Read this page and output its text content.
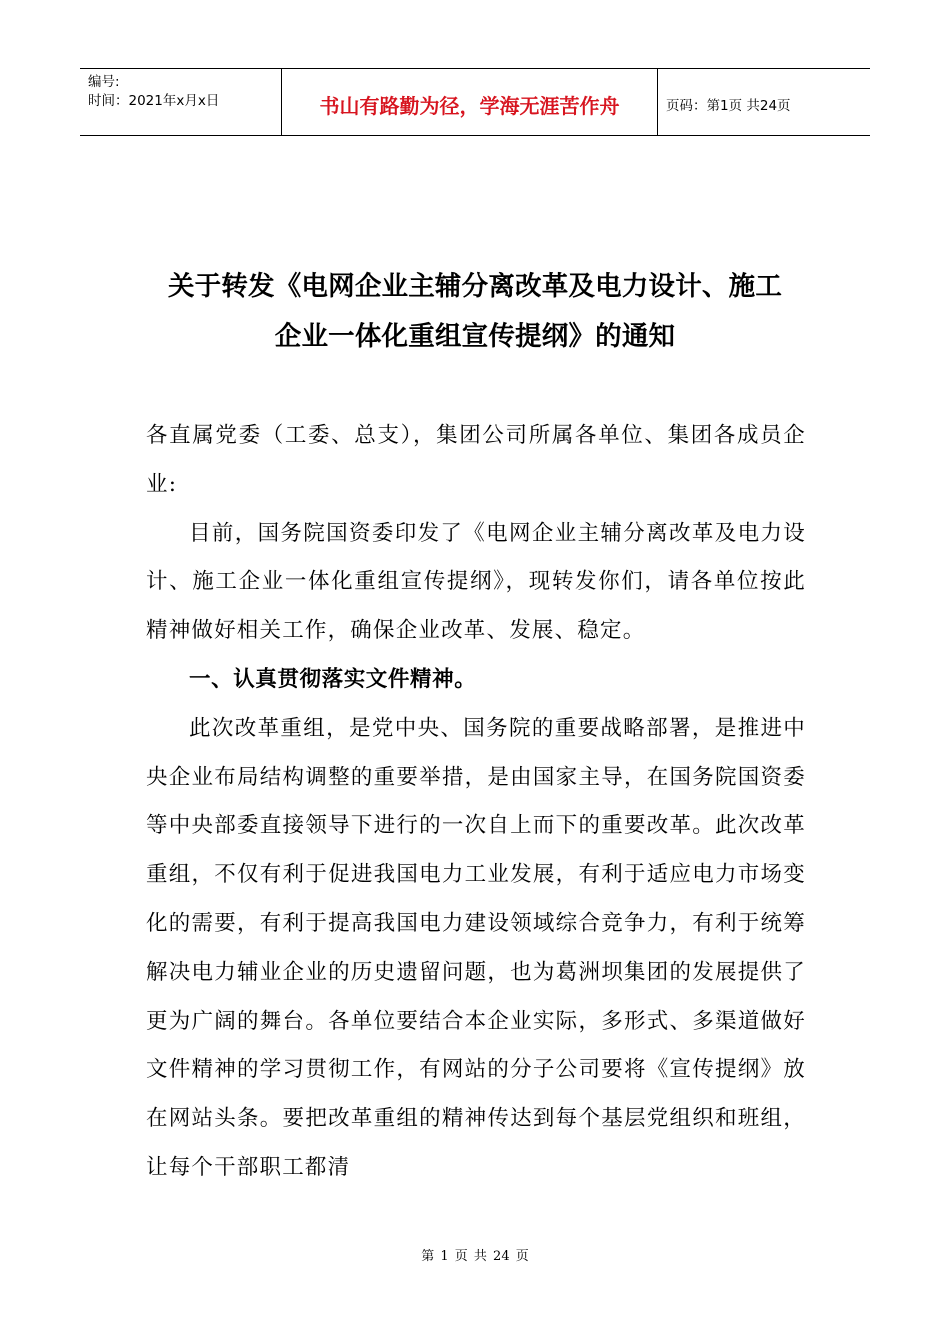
编号:
时间：2021年x月x日	书山有路勤为径，学海无涯苦作舟	页码：第1页 共24页
关于转发《电网企业主辅分离改革及电力设计、施工
企业一体化重组宣传提纲》的通知

各直属党委（工委、总支），集团公司所属各单位、集团各成员企业:

目前，国务院国资委印发了《电网企业主辅分离改革及电力设计、施工企业一体化重组宣传提纲》，现转发你们，请各单位按此精神做好相关工作，确保企业改革、发展、稳定。

一、认真贯彻落实文件精神。

此次改革重组，是党中央、国务院的重要战略部署，是推进中央企业布局结构调整的重要举措，是由国家主导，在国务院国资委等中央部委直接领导下进行的一次自上而下的重要改革。此次改革重组，不仅有利于促进我国电力工业发展，有利于适应电力市场变化的需要，有利于提高我国电力建设领域综合竞争力，有利于统筹解决电力辅业企业的历史遗留问题，也为葛洲坝集团的发展提供了更为广阔的舞台。各单位要结合本企业实际，多形式、多渠道做好文件精神的学习贯彻工作，有网站的分子公司要将《宣传提纲》放在网站头条。要把改革重组的精神传达到每个基层党组织和班组，让每个干部职工都清

第 1 页 共 24 页
